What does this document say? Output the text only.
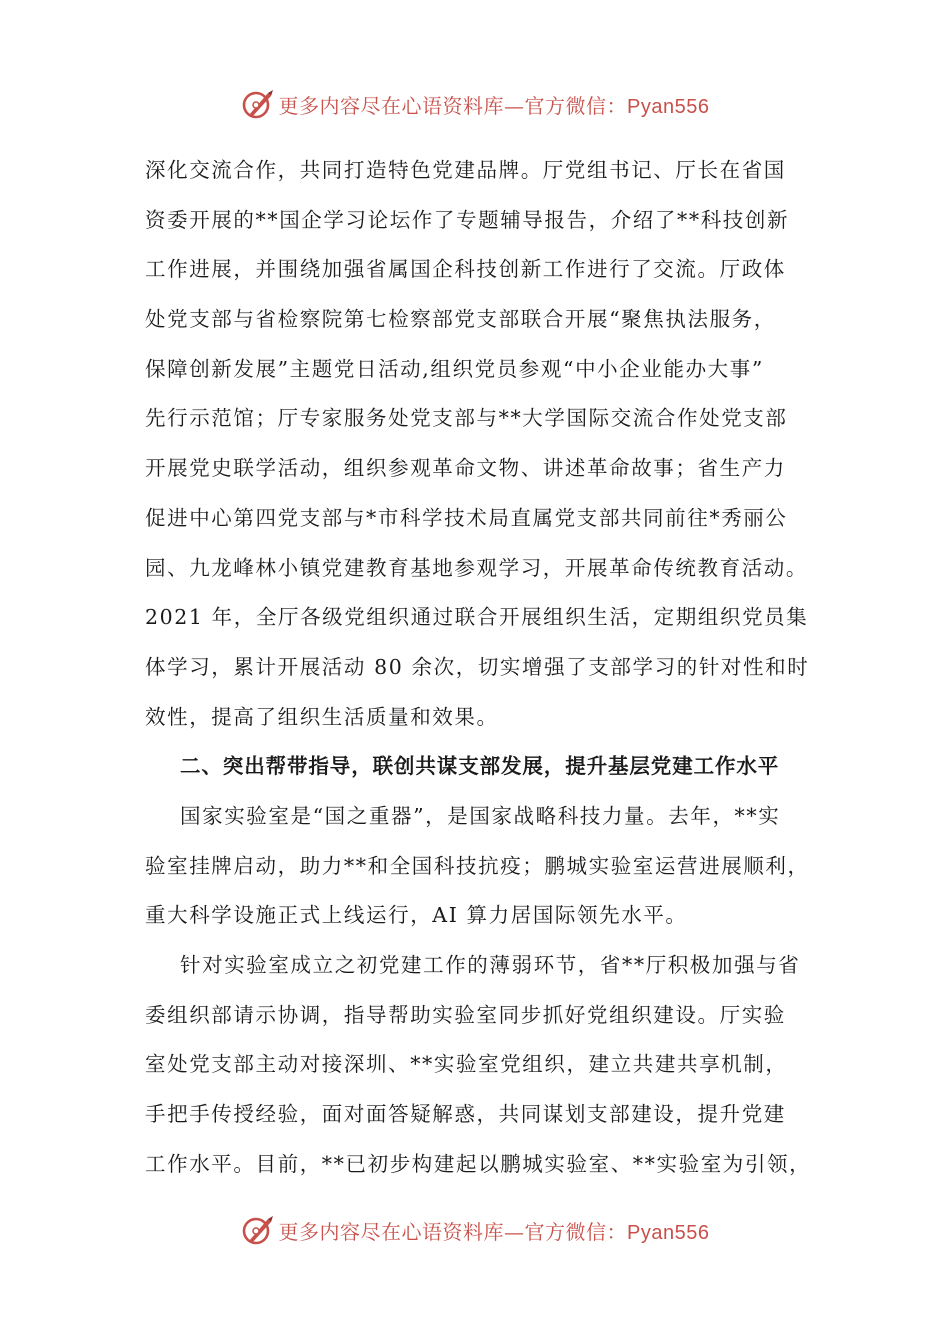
更多内容尽在心语资料库—官方微信：Pyan556
深化交流合作，共同打造特色党建品牌。厅党组书记、厅长在省国
资委开展的**国企学习论坛作了专题辅导报告，介绍了**科技创新
工作进展，并围绕加强省属国企科技创新工作进行了交流。厅政体
处党支部与省检察院第七检察部党支部联合开展“聚焦执法服务，
保障创新发展”主题党日活动,组织党员参观“中小企业能办大事”
先行示范馆；厅专家服务处党支部与**大学国际交流合作处党支部
开展党史联学活动，组织参观革命文物、讲述革命故事；省生产力
促进中心第四党支部与*市科学技术局直属党支部共同前往*秀丽公
园、九龙峰林小镇党建教育基地参观学习，开展革命传统教育活动。
2021 年，全厅各级党组织通过联合开展组织生活，定期组织党员集
体学习，累计开展活动 80 余次，切实增强了支部学习的针对性和时
效性，提高了组织生活质量和效果。
二、突出帮带指导，联创共谋支部发展，提升基层党建工作水平
国家实验室是“国之重器”，是国家战略科技力量。去年，**实
验室挂牌启动，助力**和全国科技抗疫；鹏城实验室运营进展顺利，
重大科学设施正式上线运行，AI 算力居国际领先水平。
针对实验室成立之初党建工作的薄弱环节，省**厅积极加强与省
委组织部请示协调，指导帮助实验室同步抓好党组织建设。厅实验
室处党支部主动对接深圳、**实验室党组织，建立共建共享机制，
手把手传授经验，面对面答疑解惑，共同谋划支部建设，提升党建
工作水平。目前，**已初步构建起以鹏城实验室、**实验室为引领，
更多内容尽在心语资料库—官方微信：Pyan556
